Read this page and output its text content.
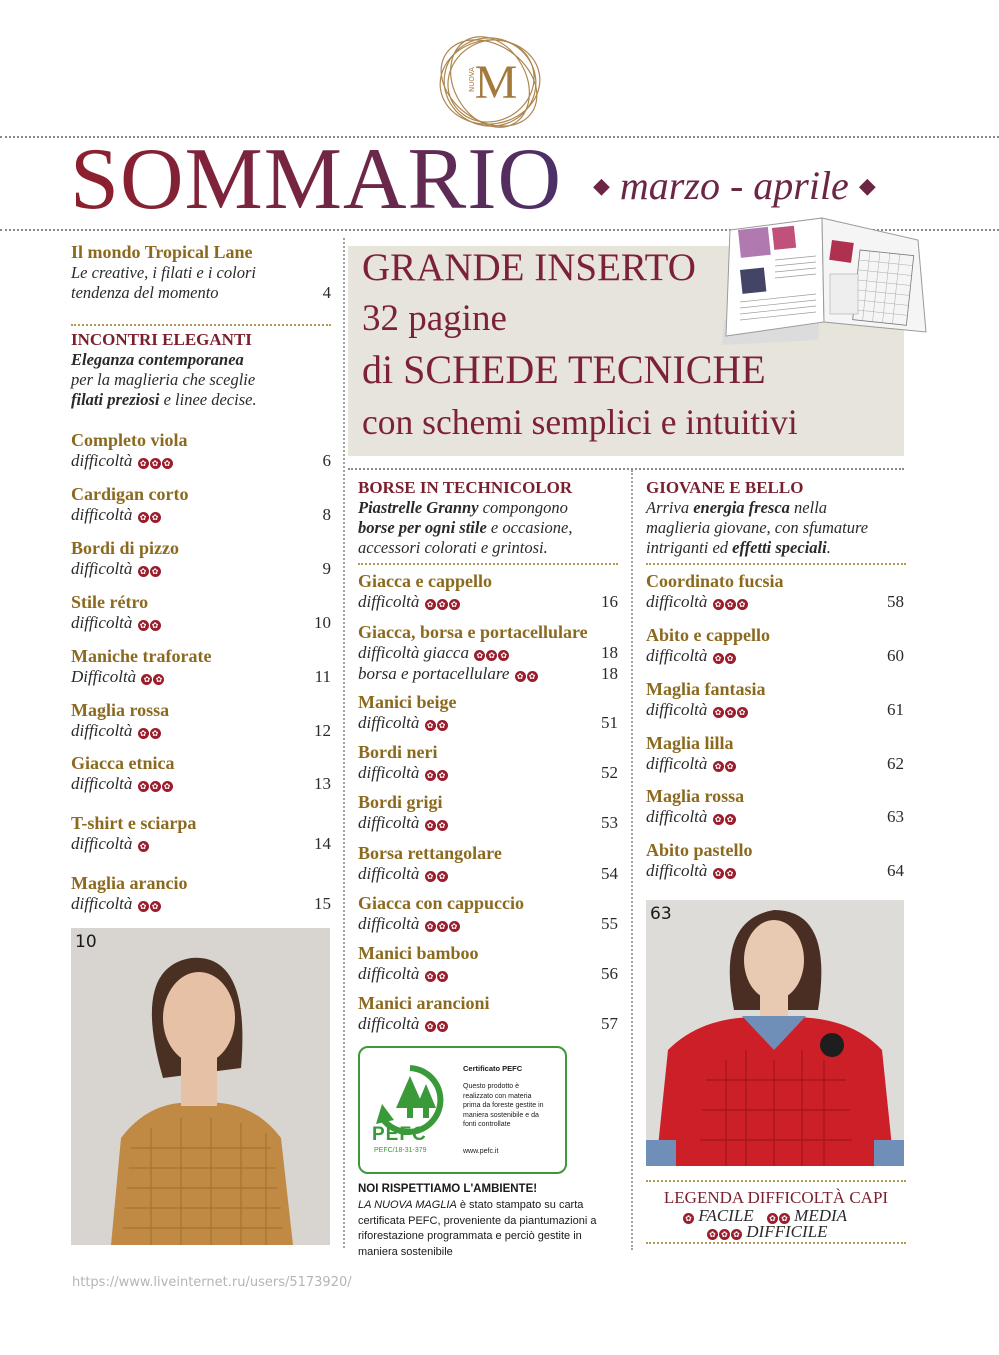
M
NUOVA
SOMMARIO ◆ marzo - aprile ◆
Il mondo Tropical Lane
Le creative, i filati e i colori
tendenza del momento	4
INCONTRI ELEGANTI
Eleganza contemporanea
per la maglieria che sceglie
filati preziosi e linee decise.
Completo viola
difficoltà ✿ ✿ ✿	6
Cardigan corto
difficoltà ✿ ✿	8
Bordi di pizzo
difficoltà ✿ ✿	9
Stile rétro
difficoltà ✿ ✿	10
Maniche traforate
Difficoltà ✿ ✿	11
Maglia rossa
difficoltà ✿ ✿	12
Giacca etnica
difficoltà ✿ ✿ ✿	13
T-shirt e sciarpa
difficoltà ✿	14
Maglia arancio
difficoltà ✿ ✿	15
10
GRANDE INSERTO
32 pagine
di SCHEDE TECNICHE
con schemi semplici e intuitivi
BORSE IN TECHNICOLOR
Piastrelle Granny compongono
borse per ogni stile e occasione,
accessori colorati e grintosi.
Giacca e cappello
difficoltà ✿ ✿ ✿	16
Giacca, borsa e portacellulare
difficoltà giacca ✿ ✿ ✿	18
borsa e portacellulare ✿ ✿	18
Manici beige
difficoltà ✿ ✿	51
Bordi neri
difficoltà ✿ ✿	52
Bordi grigi
difficoltà ✿ ✿	53
Borsa rettangolare
difficoltà ✿ ✿	54
Giacca con cappuccio
difficoltà ✿ ✿ ✿	55
Manici bamboo
difficoltà ✿ ✿	56
Manici arancioni
difficoltà ✿ ✿	57
GIOVANE E BELLO
Arriva energia fresca nella
maglieria giovane, con sfumature
intriganti ed effetti speciali.
Coordinato fucsia
difficoltà ✿ ✿ ✿	58
Abito e cappello
difficoltà ✿ ✿	60
Maglia fantasia
difficoltà ✿ ✿ ✿	61
Maglia lilla
difficoltà ✿ ✿	62
Maglia rossa
difficoltà ✿ ✿	63
Abito pastello
difficoltà ✿ ✿	64
63
PEFC
PEFC/18-31-379
Certificato PEFC
Questo prodotto è
realizzato con materia
prima da foreste gestite in
maniera sostenibile e da
fonti controllate
www.pefc.it
NOI RISPETTIAMO L'AMBIENTE!
LA NUOVA MAGLIA è stato stampato su carta certificata PEFC, proveniente da piantumazioni a riforestazione programmata e perciò gestite in maniera sostenibile
LEGENDA DIFFICOLTÀ CAPI
✿ FACILE ✿ ✿ MEDIA
✿ ✿ ✿ DIFFICILE
https://www.liveinternet.ru/users/5173920/
